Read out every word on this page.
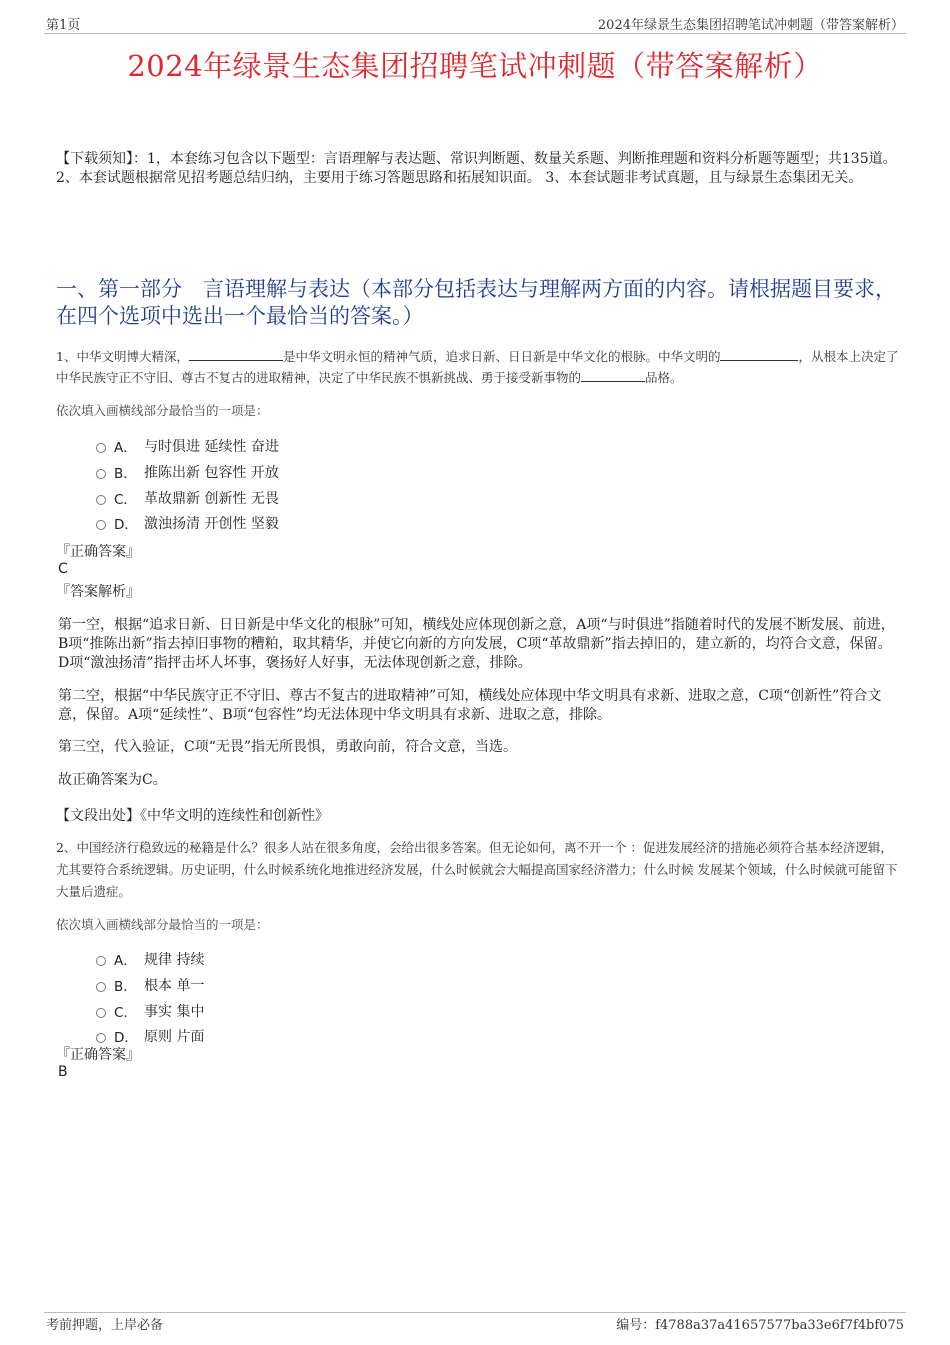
第1页	2024年绿景生态集团招聘笔试冲刺题（带答案解析）
2024年绿景生态集团招聘笔试冲刺题（带答案解析）
【下载须知】：1，本套练习包含以下题型：言语理解与表达题、常识判断题、数量关系题、判断推理题和资料分析题等题型；共135道。 2、本套试题根据常见招考题总结归纳，主要用于练习答题思路和拓展知识面。 3、本套试题非考试真题，且与绿景生态集团无关。
一、第一部分　言语理解与表达（本部分包括表达与理解两方面的内容。请根据题目要求，在四个选项中选出一个最恰当的答案。）
1、中华文明博大精深，	是中华文明永恒的精神气质，追求日新、日日新是中华文化的根脉。中华文明的	，从根本上决定了中华民族守正不守旧、尊古不复古的进取精神，决定了中华民族不惧新挑战、勇于接受新事物的	品格。
依次填入画横线部分最恰当的一项是：
A． 与时俱进 延续性 奋进
B． 推陈出新 包容性 开放
C． 革故鼎新 创新性 无畏
D． 激浊扬清 开创性 坚毅
『正确答案』
C
『答案解析』
第一空，根据“追求日新、日日新是中华文化的根脉”可知，横线处应体现创新之意，A项“与时俱进”指随着时代的发展不断发展、前进，B项“推陈出新”指去掉旧事物的糟粕，取其精华，并使它向新的方向发展，C项“革故鼎新”指去掉旧的，建立新的，均符合文意，保留。D项“激浊扬清”指抨击坏人坏事，褒扬好人好事，无法体现创新之意，排除。
第二空，根据“中华民族守正不守旧、尊古不复古的进取精神”可知，横线处应体现中华文明具有求新、进取之意，C项“创新性”符合文意，保留。A项“延续性”、B项“包容性”均无法体现中华文明具有求新、进取之意，排除。
第三空，代入验证，C项“无畏”指无所畏惧，勇敢向前，符合文意，当选。
故正确答案为C。
【文段出处】《中华文明的连续性和创新性》
2、中国经济行稳致远的秘籍是什么？很多人站在很多角度，会给出很多答案。但无论如何，离不开一个 ：促进发展经济的措施必须符合基本经济逻辑，尤其要符合系统逻辑。历史证明，什么时候系统化地推进经济发展，什么时候就会大幅提高国家经济潜力；什么时候 发展某个领域，什么时候就可能留下大量后遗症。
依次填入画横线部分最恰当的一项是：
A． 规律 持续
B． 根本 单一
C． 事实 集中
D． 原则 片面
『正确答案』
B
考前押题，上岸必备	编号：f4788a37a41657577ba33e6f7f4bf075
